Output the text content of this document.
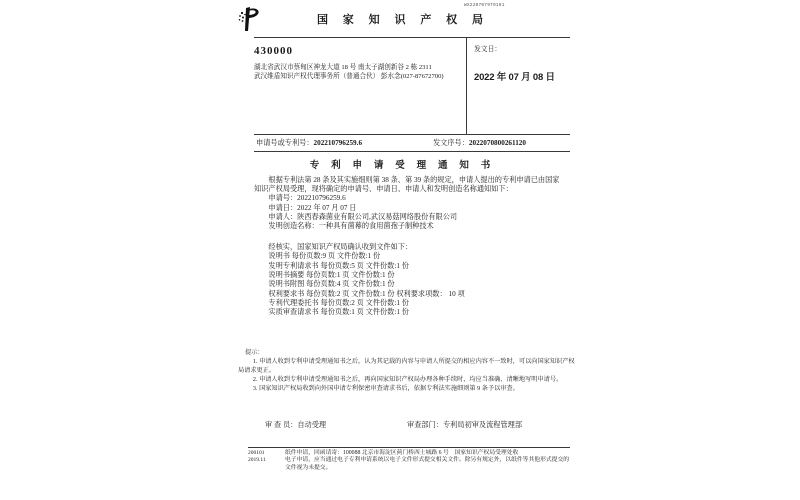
WX2207079T9101
国 家 知 识 产 权 局
430000
湖北省武汉市蔡甸区神龙大道 18 号 南太子湖创新谷 2 栋 2311
武汉维盾知识产权代理事务所（普通合伙） 彭水念(027-87672700)
发文日：
2022 年 07 月 08 日
申请号或专利号：202210796259.6	发文序号：2022070800261120
专 利 申 请 受 理 通 知 书

根据专利法第 28 条及其实施细则第 38 条、第 39 条的规定，申请人提出的专利申请已由国家知识产权局受理，现将确定的申请号、申请日、申请人和发明创造名称通知如下：

申请号：202210796259.6

申请日：2022 年 07 月 07 日

申请人：陕西春森菌业有限公司,武汉易菇网络股份有限公司

发明创造名称：一种具有菌幕的食用菌孢子制种技术

经核实，国家知识产权局确认收到文件如下：

说明书 每份页数:9 页 文件份数:1 份

发明专利请求书 每份页数:5 页 文件份数:1 份

说明书摘要 每份页数:1 页 文件份数:1 份

说明书附图 每份页数:4 页 文件份数:1 份

权利要求书 每份页数:2 页 文件份数:1 份 权利要求项数： 10 项

专利代理委托书 每份页数:2 页 文件份数:1 份

实质审查请求书 每份页数:1 页 文件份数:1 份

提示：

1. 申请人收到专利申请受理通知书之后，认为其记载的内容与申请人所提交的相应内容不一致时，可以向国家知识产权局请求更正。

2. 申请人收到专利申请受理通知书之后，再向国家知识产权局办理各种手续时，均应当准确、清晰地写明申请号。

3. 国家知识产权局收到向外国申请专利保密审查请求书后，依据专利法实施细则第 9 条予以审查。

审 查 员：自动受理	审查部门：专利局初审及流程管理部
200101
2019.11
纸件申请，回函请寄：100088 北京市海淀区蓟门桥西土城路 6 号　国家知识产权局受理处收
电子申请，应当通过电子专利申请系统以电子文件形式提交相关文件。除另有规定外，以纸件等其他形式提交的文件视为未提交。
